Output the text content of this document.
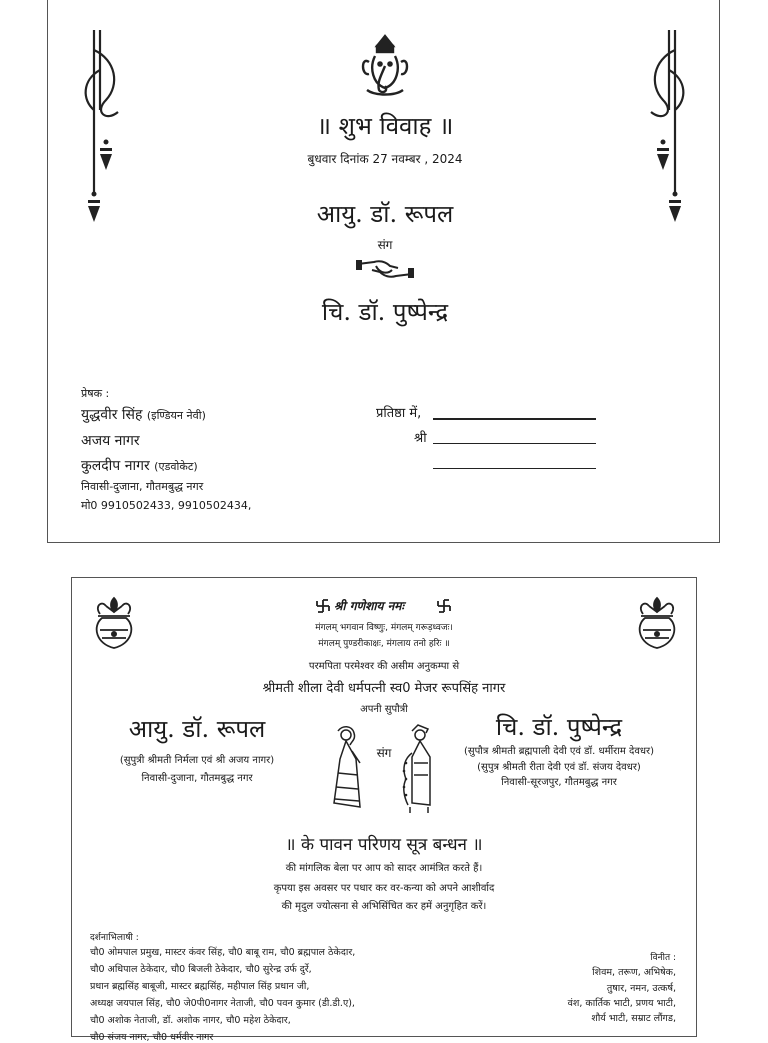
॥ शुभ विवाह ॥
बुधवार दिनांक 27 नवम्बर , 2024
आयु. डॉ. रूपल
संग
चि. डॉ. पुष्पेन्द्र
प्रेषक :
युद्धवीर सिंह (इण्डियन नेवी)
अजय नागर
कुलदीप नागर (एडवोकेट)
निवासी-दुजाना, गौतमबुद्ध नगर
मो0 9910502433, 9910502434,
प्रतिष्ठा में,
श्री
श्री गणेशाय नमः
मंगलम् भगवान विष्णुः, मंगलम् गरूड़ध्वजः।
मंगलम् पुण्डरीकाक्षः, मंगलाय तनो हरिः ॥
परमपिता परमेश्वर की असीम अनुकम्पा से
श्रीमती शीला देवी धर्मपत्नी स्व0 मेजर रूपसिंह नागर
अपनी सुपौत्री
आयु. डॉ. रूपल
(सुपुत्री श्रीमती निर्मला एवं श्री अजय नागर)
निवासी-दुजाना, गौतमबुद्ध नगर
संग
चि. डॉ. पुष्पेन्द्र
(सुपौत्र श्रीमती ब्रह्मपाली देवी एवं डॉ. धर्मीराम देवधर)
(सुपुत्र श्रीमती रीता देवी एवं डॉ. संजय देवधर)
निवासी-सूरजपुर, गौतमबुद्ध नगर
॥ के पावन परिणय सूत्र बन्धन ॥
की मांगलिक बेला पर आप को सादर आमंत्रित करते हैं।
कृपया इस अवसर पर पधार कर वर-कन्या को अपने आशीर्वाद
की मृदुल ज्योत्सना से अभिसिंचित कर हमें अनुगृहित करें।
दर्शनाभिलाषी :
चौ0 ओमपाल प्रमुख, मास्टर कंवर सिंह, चौ0 बाबू राम, चौ0 ब्रह्मपाल ठेकेदार,
चौ0 अधिपाल ठेकेदार, चौ0 बिजली ठेकेदार, चौ0 सुरेन्द्र उर्फ दुर्रे,
प्रधान ब्रह्मसिंह बाबूजी, मास्टर ब्रह्मसिंह, महीपाल सिंह प्रधान जी,
अध्यक्ष जयपाल सिंह, चौ0 जे0पी0नागर नेताजी, चौ0 पवन कुमार (डी.डी.ए),
चौ0 अशोक नेताजी, डॉ. अशोक नागर, चौ0 महेश ठेकेदार,
चौ0 संजय नागर, चौ0 धर्मवीर नागर
विनीत :
शिवम, तरूण, अभिषेक,
तुषार, नमन, उत्कर्ष,
वंश, कार्तिक भाटी, प्रणय भाटी,
शौर्य भाटी, सम्राट लौंगड,
